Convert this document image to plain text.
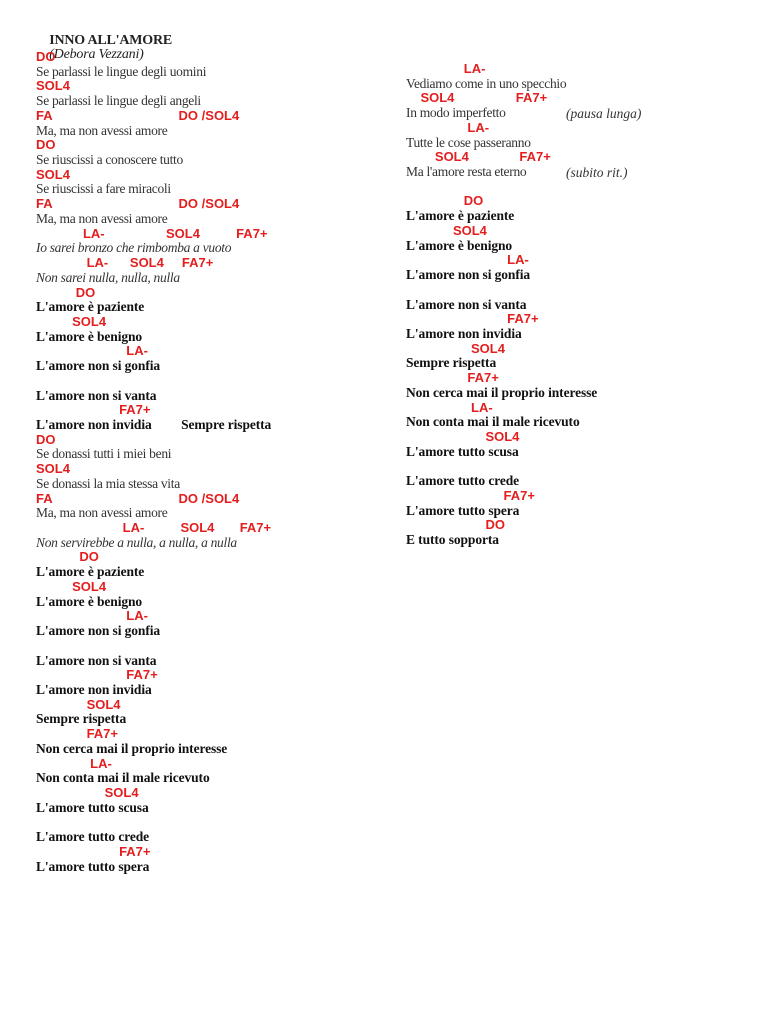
INNO ALL'AMORE
(Debora Vezzani)

DO
Se parlassi le lingue degli uomini
SOL4
Se parlassi le lingue degli angeli
FA                                   DO /SOL4
Ma, ma non avessi amore
DO
Se riuscissi a conoscere tutto
SOL4
Se riuscissi a fare miracoli
FA                                   DO /SOL4
Ma, ma non avessi amore
LA-                 SOL4          FA7+
Io sarei bronzo che rimbomba a vuoto
LA-      SOL4     FA7+
Non sarei nulla, nulla, nulla
DO
L'amore è paziente
SOL4
L'amore è benigno
LA-
L'amore non si gonfia
L'amore non si vanta
FA7+
L'amore non invidia         Sempre rispetta
DO
Se donassi tutti i miei beni
SOL4
Se donassi la mia stessa vita
FA                                   DO /SOL4
Ma, ma non avessi amore
LA-          SOL4       FA7+
Non servirebbe a nulla, a nulla, a nulla
DO
L'amore è paziente
SOL4
L'amore è benigno
LA-
L'amore non si gonfia
L'amore non si vanta
FA7+
L'amore non invidia
SOL4
Sempre rispetta
FA7+
Non cerca mai il proprio interesse
LA-
Non conta mai il male ricevuto
SOL4
L'amore tutto scusa
L'amore tutto crede
FA7+
L'amore tutto spera
LA-
Vediamo come in uno specchio
SOL4                 FA7+
In modo imperfetto	(pausa lunga)
LA-
Tutte le cose passeranno
SOL4              FA7+
Ma l'amore resta eterno	(subito rit.)
DO
L'amore è paziente
SOL4
L'amore è benigno
LA-
L'amore non si gonfia
L'amore non si vanta
FA7+
L'amore non invidia
SOL4
Sempre rispetta
FA7+
Non cerca mai il proprio interesse
LA-
Non conta mai il male ricevuto
SOL4
L'amore tutto scusa
L'amore tutto crede
FA7+
L'amore tutto spera
DO
E tutto sopporta
